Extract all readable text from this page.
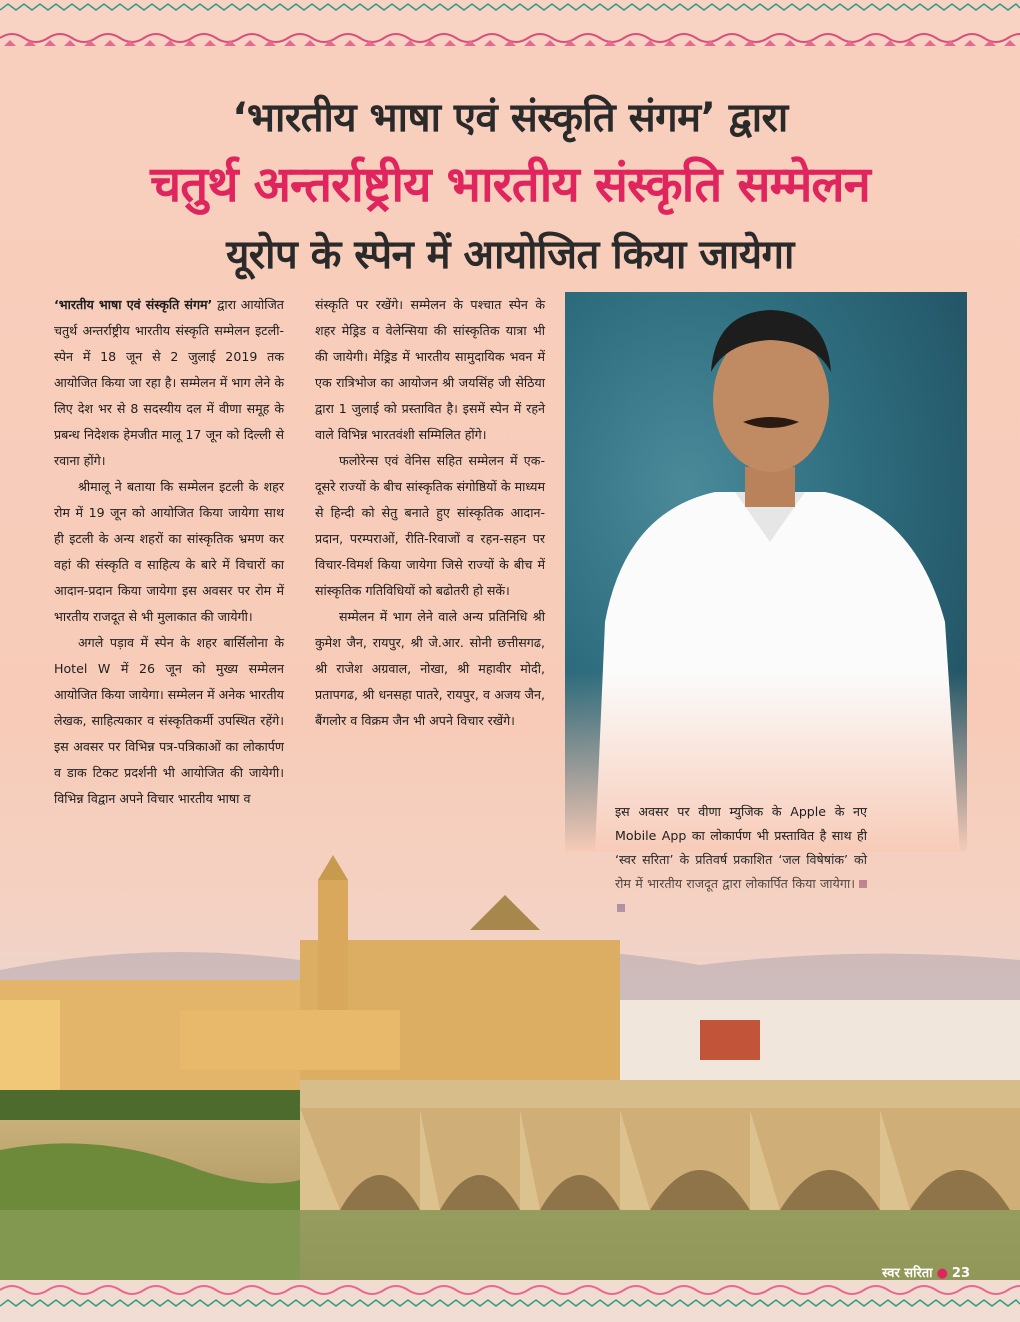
‘भारतीय भाषा एवं संस्कृति संगम’ द्वारा
चतुर्थ अन्तर्राष्ट्रीय भारतीय संस्कृति सम्मेलन
यूरोप के स्पेन में आयोजित किया जायेगा

‘भारतीय भाषा एवं संस्कृति संगम’ द्वारा आयोजित चतुर्थ अन्तर्राष्ट्रीय भारतीय संस्कृति सम्मेलन इटली-स्पेन में 18 जून से 2 जुलाई 2019 तक आयोजित किया जा रहा है। सम्मेलन में भाग लेने के लिए देश भर से 8 सदस्यीय दल में वीणा समूह के प्रबन्ध निदेशक हेमजीत मालू 17 जून को दिल्ली से रवाना होंगे।

श्रीमालू ने बताया कि सम्मेलन इटली के शहर रोम में 19 जून को आयोजित किया जायेगा साथ ही इटली के अन्य शहरों का सांस्कृतिक भ्रमण कर वहां की संस्कृति व साहित्य के बारे में विचारों का आदान-प्रदान किया जायेगा इस अवसर पर रोम में भारतीय राजदूत से भी मुलाकात की जायेगी।

अगले पड़ाव में स्पेन के शहर बार्सिलोना के Hotel W में 26 जून को मुख्य सम्मेलन आयोजित किया जायेगा। सम्मेलन में अनेक भारतीय लेखक, साहित्यकार व संस्कृतिकर्मी उपस्थित रहेंगे। इस अवसर पर विभिन्न पत्र-पत्रिकाओं का लोकार्पण व डाक टिकट प्रदर्शनी भी आयोजित की जायेगी। विभिन्न विद्वान अपने विचार भारतीय भाषा व

संस्कृति पर रखेंगे। सम्मेलन के पश्चात स्पेन के शहर मेड्रिड व वेलेन्सिया की सांस्कृतिक यात्रा भी की जायेगी। मेड्रिड में भारतीय सामुदायिक भवन में एक रात्रिभोज का आयोजन श्री जयसिंह जी सेठिया द्वारा 1 जुलाई को प्रस्तावित है। इसमें स्पेन में रहने वाले विभिन्न भारतवंशी सम्मिलित होंगे।

फलोरेन्स एवं वेनिस सहित सम्मेलन में एक-दूसरे राज्यों के बीच सांस्कृतिक संगोष्ठियों के माध्यम से हिन्दी को सेतु बनाते हुए सांस्कृतिक आदान-प्रदान, परम्पराओं, रीति-रिवाजों व रहन-सहन पर विचार-विमर्श किया जायेगा जिसे राज्यों के बीच में सांस्कृतिक गतिविधियों को बढोतरी हो सकें।

सम्मेलन में भाग लेने वाले अन्य प्रतिनिधि श्री कुमेश जैन, रायपुर, श्री जे.आर. सोनी छत्तीसगढ, श्री राजेश अग्रवाल, नोखा, श्री महावीर मोदी, प्रतापगढ, श्री धनसहा पातरे, रायपुर, व अजय जैन, बैंगलोर व विक्रम जैन भी अपने विचार रखेंगे।

इस अवसर पर वीणा म्युजिक के Apple के नए Mobile App का लोकार्पण भी प्रस्तावित है साथ ही
स्वर सरिता ● 23
